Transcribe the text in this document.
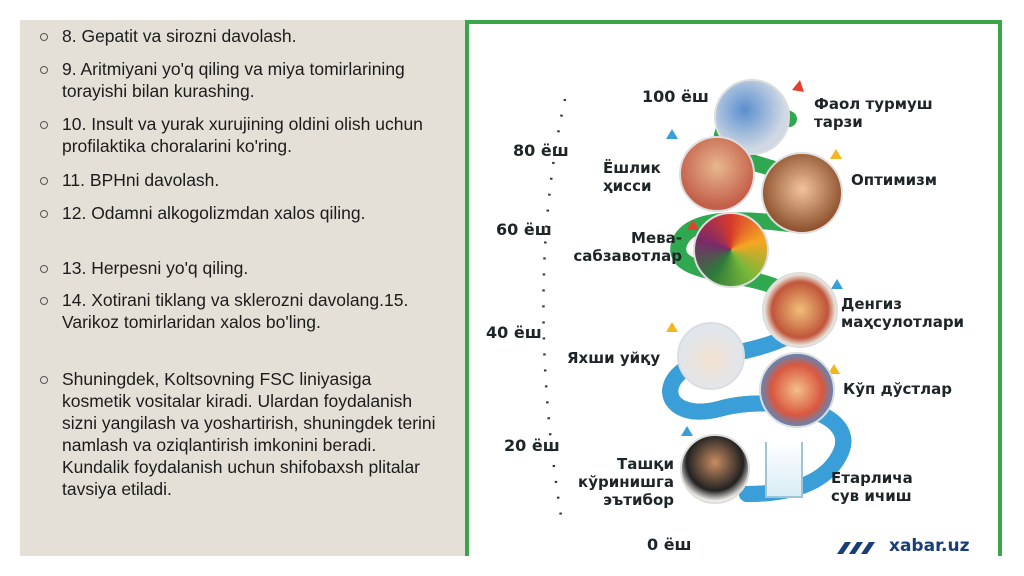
8. Gepatit va sirozni davolash.
9. Aritmiyani yo'q qiling va miya tomirlarining torayishi bilan kurashing.
10. Insult va yurak xurujining oldini olish uchun profilaktika choralarini ko'ring.
11. BPHni davolash.
12. Odamni alkogolizmdan xalos qiling.
13. Herpesni yo'q qiling.
14. Xotirani tiklang va sklerozni davolang.15. Varikoz tomirlaridan xalos bo'ling.
Shuningdek, Koltsovning FSC liniyasiga kosmetik vositalar kiradi. Ulardan foydalanish sizni yangilash va yoshartirish, shuningdek terini namlash va oziqlantirish imkonini beradi. Kundalik foydalanish uchun shifobaxsh plitalar tavsiya etiladi.
100 ёш
80 ёш
60 ёш
40 ёш
20 ёш
0 ёш
Фаол турмуш тарзи
Ёшлик ҳисси	Оптимизм
Мева-сабзавотлар
Денгиз маҳсулотлари
Яхши уйқу
Кўп дўстлар
Ташқи кўринишга эътибор
Етарлича сув ичиш
xabar.uz
